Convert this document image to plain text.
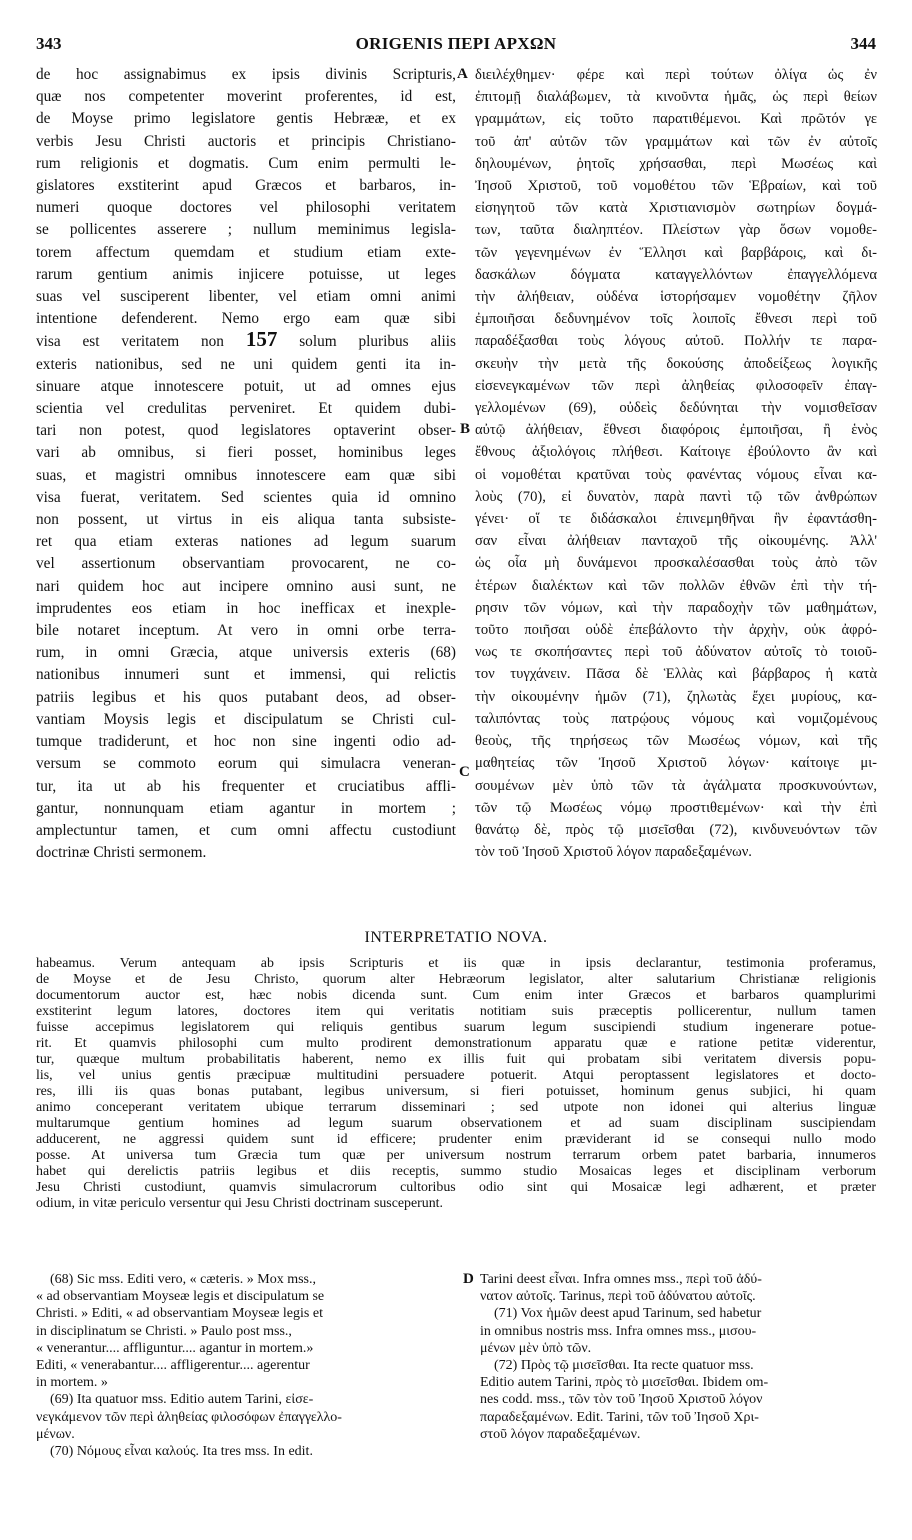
343	ORIGENIS ΠΕΡΙ ΑΡΧΩΝ	344
de hoc assignabimus ex ipsis divinis Scripturis,
quæ nos competenter moverint proferentes, id est,
de Moyse primo legislatore gentis Hebrææ, et ex
verbis Jesu Christi auctoris et principis Christiano-
rum religionis et dogmatis. Cum enim permulti le-
gislatores exstiterint apud Græcos et barbaros, in-
numeri quoque doctores vel philosophi veritatem
se pollicentes asserere ; nullum meminimus legisla-
torem affectum quemdam et studium etiam exte-
rarum gentium animis injicere potuisse, ut leges
suas vel susciperent libenter, vel etiam omni animi
intentione defenderent. Nemo ergo eam quæ sibi
visa est veritatem non 157 solum pluribus aliis
exteris nationibus, sed ne uni quidem genti ita in-
sinuare atque innotescere potuit, ut ad omnes ejus
scientia vel credulitas perveniret. Et quidem dubi-
tari non potest, quod legislatores optaverint obser-
vari ab omnibus, si fieri posset, hominibus leges
suas, et magistri omnibus innotescere eam quæ sibi
visa fuerat, veritatem. Sed scientes quia id omnino
non possent, ut virtus in eis aliqua tanta subsiste-
ret qua etiam exteras nationes ad legum suarum
vel assertionum observantiam provocarent, ne co-
nari quidem hoc aut incipere omnino ausi sunt, ne
imprudentes eos etiam in hoc inefficax et inexple-
bile notaret inceptum. At vero in omni orbe terra-
rum, in omni Græcia, atque universis exteris (68)
nationibus innumeri sunt et immensi, qui relictis
patriis legibus et his quos putabant deos, ad obser-
vantiam Moysis legis et discipulatum se Christi cul-
tumque tradiderunt, et hoc non sine ingenti odio ad-
versum se commoto eorum qui simulacra veneran-
tur, ita ut ab his frequenter et cruciatibus affli-
gantur, nonnunquam etiam agantur in mortem ;
amplectuntur tamen, et cum omni affectu custodiunt
doctrinæ Christi sermonem.
A
B
C
D
διειλέχθημεν· φέρε καὶ περὶ τούτων ὀλίγα ὡς ἐν
ἐπιτομῇ διαλάβωμεν, τὰ κινοῦντα ἡμᾶς, ὡς περὶ θείων
γραμμάτων, εἰς τοῦτο παρατιθέμενοι. Καὶ πρῶτόν γε
τοῦ ἀπ' αὐτῶν τῶν γραμμάτων καὶ τῶν ἐν αὐτοῖς
δηλουμένων, ῥητοῖς χρήσασθαι, περὶ Μωσέως καὶ
Ἰησοῦ Χριστοῦ, τοῦ νομοθέτου τῶν Ἑβραίων, καὶ τοῦ
εἰσηγητοῦ τῶν κατὰ Χριστιανισμὸν σωτηρίων δογμά-
των, ταῦτα διαληπτέον. Πλείστων γὰρ ὅσων νομοθε-
τῶν γεγενημένων ἐν Ἕλλησι καὶ βαρβάροις, καὶ δι-
δασκάλων δόγματα καταγγελλόντων ἐπαγγελλόμενα
τὴν ἀλήθειαν, οὐδένα ἱστορήσαμεν νομοθέτην ζῆλον
ἐμποιῆσαι δεδυνημένον τοῖς λοιποῖς ἔθνεσι περὶ τοῦ
παραδέξασθαι τοὺς λόγους αὐτοῦ. Πολλήν τε παρα-
σκευὴν τὴν μετὰ τῆς δοκούσης ἀποδείξεως λογικῆς
εἰσενεγκαμένων τῶν περὶ ἀληθείας φιλοσοφεῖν ἐπαγ-
γελλομένων (69), οὐδεὶς δεδύνηται τὴν νομισθεῖσαν
αὐτῷ ἀλήθειαν, ἔθνεσι διαφόροις ἐμποιῆσαι, ἢ ἑνὸς
ἔθνους ἀξιολόγοις πλήθεσι. Καίτοιγε ἐβούλοντο ἂν καὶ
οἱ νομοθέται κρατῦναι τοὺς φανέντας νόμους εἶναι κα-
λοὺς (70), εἰ δυνατὸν, παρὰ παντὶ τῷ τῶν ἀνθρώπων
γένει· οἵ τε διδάσκαλοι ἐπινεμηθῆναι ἣν ἐφαντάσθη-
σαν εἶναι ἀλήθειαν πανταχοῦ τῆς οἰκουμένης. Ἀλλ'
ὡς οἷα μὴ δυνάμενοι προσκαλέσασθαι τοὺς ἀπὸ τῶν
ἑτέρων διαλέκτων καὶ τῶν πολλῶν ἐθνῶν ἐπὶ τὴν τή-
ρησιν τῶν νόμων, καὶ τὴν παραδοχὴν τῶν μαθημάτων,
τοῦτο ποιῆσαι οὐδὲ ἐπεβάλοντο τὴν ἀρχὴν, οὐκ ἀφρό-
νως τε σκοπήσαντες περὶ τοῦ ἀδύνατον αὐτοῖς τὸ τοιοῦ-
τον τυγχάνειν. Πᾶσα δὲ Ἑλλὰς καὶ βάρβαρος ἡ κατὰ
τὴν οἰκουμένην ἡμῶν (71), ζηλωτὰς ἔχει μυρίους, κα-
ταλιπόντας τοὺς πατρῴους νόμους καὶ νομιζομένους
θεοὺς, τῆς τηρήσεως τῶν Μωσέως νόμων, καὶ τῆς
μαθητείας τῶν Ἰησοῦ Χριστοῦ λόγων· καίτοιγε μι-
σουμένων μὲν ὑπὸ τῶν τὰ ἀγάλματα προσκυνούντων,
τῶν τῷ Μωσέως νόμῳ προστιθεμένων· καὶ τὴν ἐπὶ
θανάτῳ δὲ, πρὸς τῷ μισεῖσθαι (72), κινδυνευόντων τῶν
τὸν τοῦ Ἰησοῦ Χριστοῦ λόγον παραδεξαμένων.
INTERPRETATIO NOVA.
habeamus. Verum antequam ab ipsis Scripturis et iis quæ in ipsis declarantur, testimonia proferamus,
de Moyse et de Jesu Christo, quorum alter Hebræorum legislator, alter salutarium Christianæ religionis
documentorum auctor est, hæc nobis dicenda sunt. Cum enim inter Græcos et barbaros quamplurimi
exstiterint legum latores, doctores item qui veritatis notitiam suis præceptis pollicerentur, nullum tamen
fuisse accepimus legislatorem qui reliquis gentibus suarum legum suscipiendi studium ingenerare potue-
rit. Et quamvis philosophi cum multo prodirent demonstrationum apparatu quæ e ratione petitæ viderentur,
tur, quæque multum probabilitatis haberent, nemo ex illis fuit qui probatam sibi veritatem diversis popu-
lis, vel unius gentis præcipuæ multitudini persuadere potuerit. Atqui peroptassent legislatores et docto-
res, illi iis quas bonas putabant, legibus universum, si fieri potuisset, hominum genus subjici, hi quam
animo conceperant veritatem ubique terrarum disseminari ; sed utpote non idonei qui alterius linguæ
multarumque gentium homines ad legum suarum observationem et ad suam disciplinam suscipiendam
adducerent, ne aggressi quidem sunt id efficere; prudenter enim præviderant id se consequi nullo modo
posse. At universa tum Græcia tum quæ per universum nostrum terrarum orbem patet barbaria, innumeros
habet qui derelictis patriis legibus et diis receptis, summo studio Mosaicas leges et disciplinam verborum
Jesu Christi custodiunt, quamvis simulacrorum cultoribus odio sint qui Mosaicæ legi adhærent, et præter
odium, in vitæ periculo versentur qui Jesu Christi doctrinam susceperunt.
(68) Sic mss. Editi vero, « cæteris. » Mox mss.,
« ad observantiam Moyseæ legis et discipulatum se
Christi. » Editi, « ad observantiam Moyseæ legis et
in disciplinatum se Christi. » Paulo post mss.,
« venerantur.... affliguntur.... agantur in mortem.»
Editi, « venerabantur.... affligerentur.... agerentur
in mortem. »
(69) Ita quatuor mss. Editio autem Tarini, εἰσε-
νεγκάμενον τῶν περὶ ἀληθείας φιλοσόφων ἐπαγγελλο-
μένων.
(70) Νόμους εἶναι καλούς. Ita tres mss. In edit.
Tarini deest εἶναι. Infra omnes mss., περὶ τοῦ ἀδύ-
νατον αὐτοῖς. Tarinus, περὶ τοῦ ἀδύνατου αὐτοῖς.
(71) Vox ἡμῶν deest apud Tarinum, sed habetur
in omnibus nostris mss. Infra omnes mss., μισου-
μένων μὲν ὑπὸ τῶν.
(72) Πρὸς τῷ μισεῖσθαι. Ita recte quatuor mss.
Editio autem Tarini, πρὸς τὸ μισεῖσθαι. Ibidem om-
nes codd. mss., τῶν τὸν τοῦ Ἰησοῦ Χριστοῦ λόγον
παραδεξαμένων. Edit. Tarini, τῶν τοῦ Ἰησοῦ Χρι-
στοῦ λόγον παραδεξαμένων.
